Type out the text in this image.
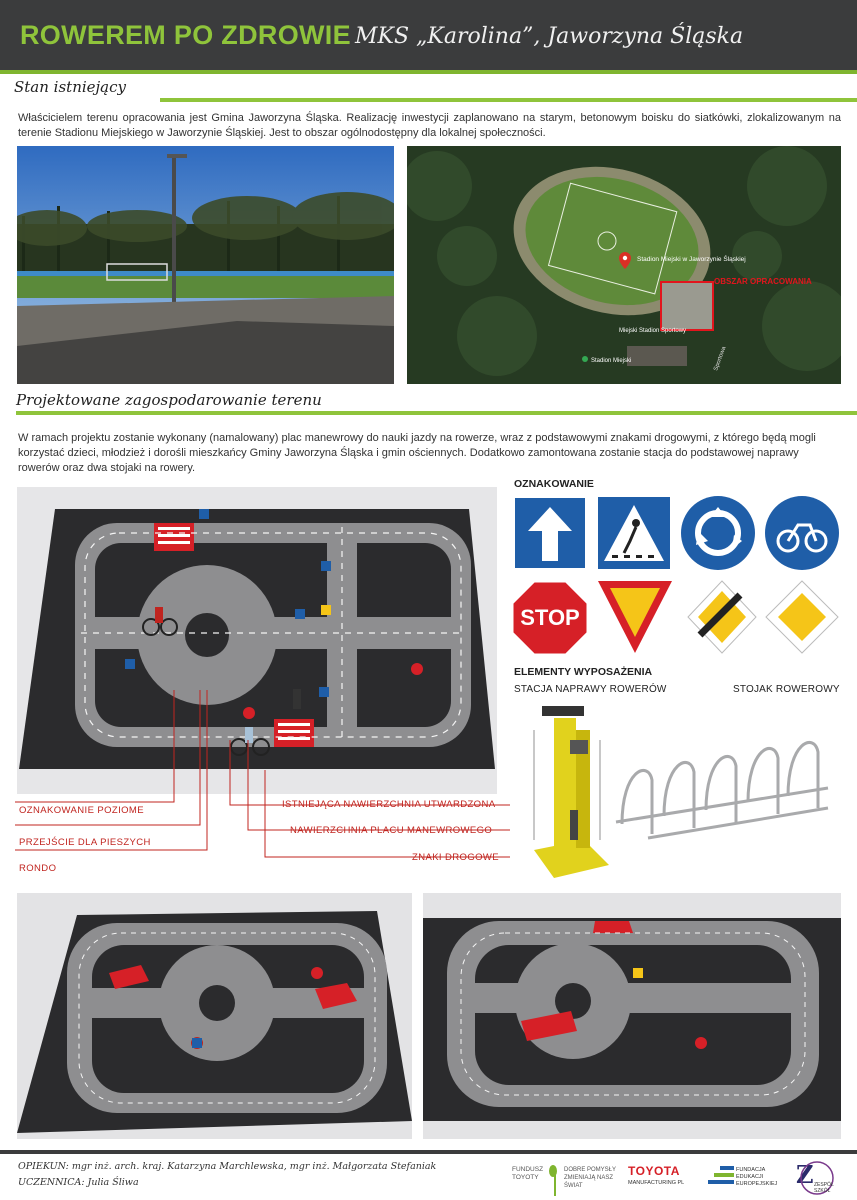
ROWEREM PO ZDROWIE MKS „Karolina”, Jaworzyna Śląska
Stan istniejący
Właścicielem terenu opracowania jest Gmina Jaworzyna Śląska. Realizację inwestycji zaplanowano na starym, betonowym boisku do siatkówki, zlokalizowanym na terenie Stadionu Miejskiego w Jaworzynie Śląskiej. Jest to obszar ogólnodostępny dla lokalnej społeczności.
Stadion Miejski w Jaworzynie Śląskiej
OBSZAR OPRACOWANIA
Miejski Stadion Sportowy
Stadion Miejski	Sportowa
Projektowane zagospodarowanie terenu
W ramach projektu zostanie wykonany (namalowany) plac manewrowy do nauki jazdy na rowerze, wraz z podstawowymi znakami drogowymi, z którego będą mogli korzystać dzieci, młodzież i dorośli mieszkańcy Gminy Jaworzyna Śląska i gmin ościennych. Dodatkowo zamontowana zostanie stacja do podstawowej naprawy rowerów oraz dwa stojaki na rowery.
OZNAKOWANIE POZIOME
PRZEJŚCIE DLA PIESZYCH
RONDO
ISTNIEJĄCA NAWIERZCHNIA UTWARDZONA
NAWIERZCHNIA PLACU MANEWROWEGO
ZNAKI DROGOWE
OZNAKOWANIE
STOP
ELEMENTY WYPOSAŻENIA
STACJA NAPRAWY ROWERÓW	STOJAK ROWEROWY
OPIEKUN: mgr inż. arch. kraj. Katarzyna Marchlewska, mgr inż. Małgorzata Stefaniak
UCZENNICA: Julia Śliwa
FUNDUSZ
TOYOTY
DOBRE POMYSŁY ZMIENIAJĄ NASZ ŚWIAT
TOYOTA
MANUFACTURING PL
FUNDACJA EDUKACJI EUROPEJSKIEJ Z ZESPÓŁ SZKÓŁ
